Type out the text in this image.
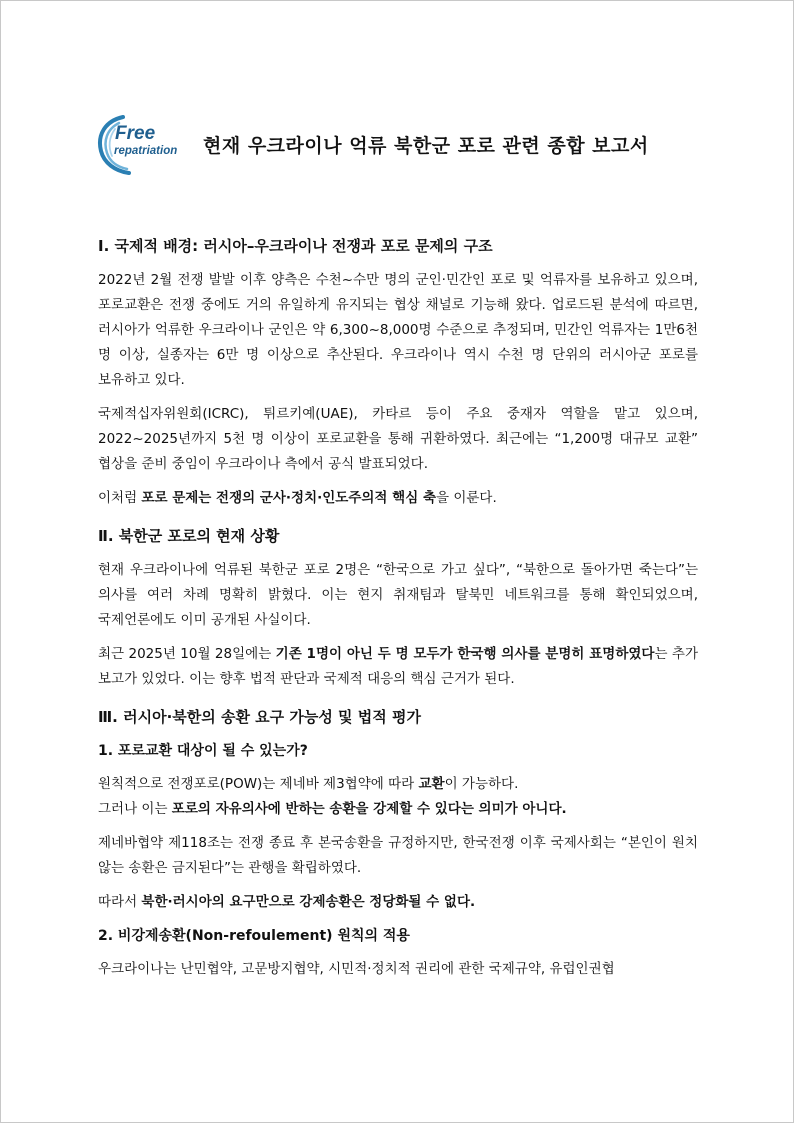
Free
repatriation 현재 우크라이나 억류 북한군 포로 관련 종합 보고서
Ⅰ. 국제적 배경: 러시아–우크라이나 전쟁과 포로 문제의 구조

2022년 2월 전쟁 발발 이후 양측은 수천~수만 명의 군인·민간인 포로 및 억류자를 보유하고 있으며, 포로교환은 전쟁 중에도 거의 유일하게 유지되는 협상 채널로 기능해 왔다. 업로드된 분석에 따르면, 러시아가 억류한 우크라이나 군인은 약 6,300~8,000명 수준으로 추정되며, 민간인 억류자는 1만6천 명 이상, 실종자는 6만 명 이상으로 추산된다. 우크라이나 역시 수천 명 단위의 러시아군 포로를 보유하고 있다.

국제적십자위원회(ICRC), 튀르키예(UAE), 카타르 등이 주요 중재자 역할을 맡고 있으며, 2022~2025년까지 5천 명 이상이 포로교환을 통해 귀환하였다. 최근에는 “1,200명 대규모 교환” 협상을 준비 중임이 우크라이나 측에서 공식 발표되었다.

이처럼 포로 문제는 전쟁의 군사·정치·인도주의적 핵심 축을 이룬다.

Ⅱ. 북한군 포로의 현재 상황

현재 우크라이나에 억류된 북한군 포로 2명은 “한국으로 가고 싶다”, “북한으로 돌아가면 죽는다”는 의사를 여러 차례 명확히 밝혔다. 이는 현지 취재팀과 탈북민 네트워크를 통해 확인되었으며, 국제언론에도 이미 공개된 사실이다.

최근 2025년 10월 28일에는 기존 1명이 아닌 두 명 모두가 한국행 의사를 분명히 표명하였다는 추가 보고가 있었다. 이는 향후 법적 판단과 국제적 대응의 핵심 근거가 된다.

Ⅲ. 러시아·북한의 송환 요구 가능성 및 법적 평가
1. 포로교환 대상이 될 수 있는가?

원칙적으로 전쟁포로(POW)는 제네바 제3협약에 따라 교환이 가능하다.

그러나 이는 포로의 자유의사에 반하는 송환을 강제할 수 있다는 의미가 아니다.

제네바협약 제118조는 전쟁 종료 후 본국송환을 규정하지만, 한국전쟁 이후 국제사회는 “본인이 원치 않는 송환은 금지된다”는 관행을 확립하였다.

따라서 북한·러시아의 요구만으로 강제송환은 정당화될 수 없다.

2. 비강제송환(Non-refoulement) 원칙의 적용

우크라이나는 난민협약, 고문방지협약, 시민적·정치적 권리에 관한 국제규약, 유럽인권협
